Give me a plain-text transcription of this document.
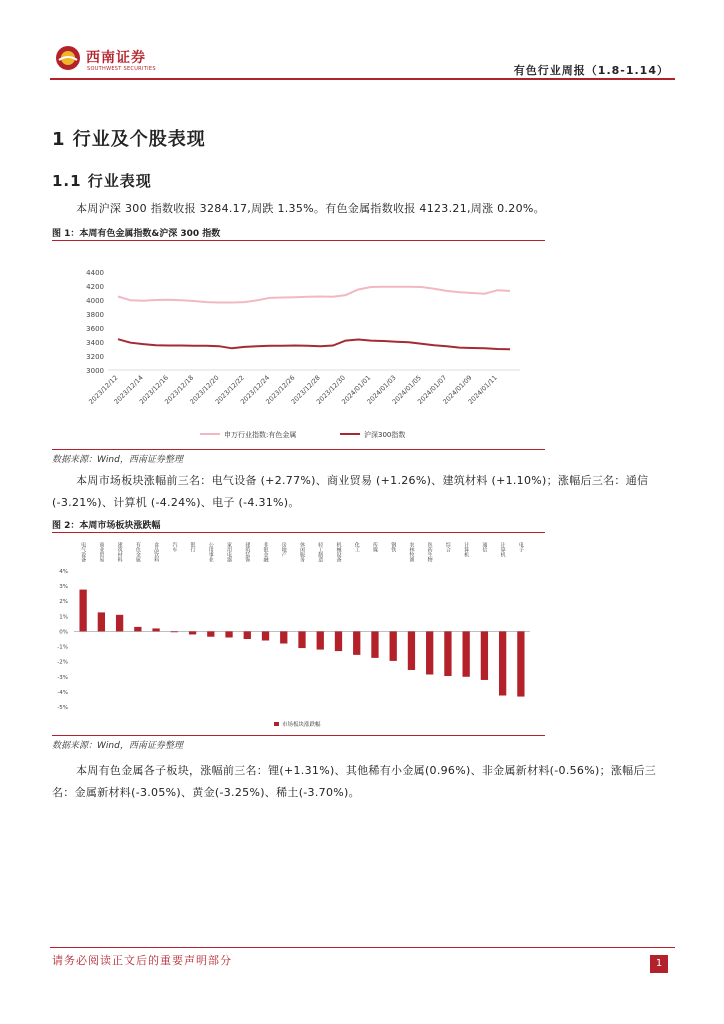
西南证券
SOUTHWEST SECURITIES	有色行业周报（1.8-1.14）
1 行业及个股表现
1.1 行业表现
本周沪深 300 指数收报 3284.17,周跌 1.35%。有色金属指数收报 4123.21,周涨 0.20%。
图 1：本周有色金属指数&沪深 300 指数
4400
4200
4000
3800
3600
3400
3200
3000
2023/12/12
2023/12/14
2023/12/16
2023/12/18
2023/12/20
2023/12/22
2023/12/24
2023/12/26
2023/12/28
2023/12/30
2024/01/01
2024/01/03
2024/01/05
2024/01/07
2024/01/09
2024/01/11
申万行业指数:有色金属	沪深300指数
数据来源：Wind，西南证券整理
本周市场板块涨幅前三名：电气设备 (+2.77%)、商业贸易 (+1.26%)、建筑材料 (+1.10%)；涨幅后三名：通信 (-3.21%)、计算机 (-4.24%)、电子 (-4.31%)。
图 2：本周市场板块涨跌幅
电气设备 商业贸易 建筑材料 有色金属 食品饮料 汽车 银行 公用事业 家用电器 建筑装饰 非银金融 房地产 休闲服务 轻工制造 机械设备 化工 传媒 钢铁 农林牧渔 医药生物 综合 计算机 通信 计算机 电子
4%
3%
2%
1%
0%
-1%
-2%
-3%
-4%
-5%
市场板块涨跌幅
数据来源：Wind，西南证券整理
本周有色金属各子板块，涨幅前三名：锂(+1.31%)、其他稀有小金属(0.96%)、非金属新材料(-0.56%)；涨幅后三名：金属新材料(-3.05%)、黄金(-3.25%)、稀土(-3.70%)。
请务必阅读正文后的重要声明部分	1
